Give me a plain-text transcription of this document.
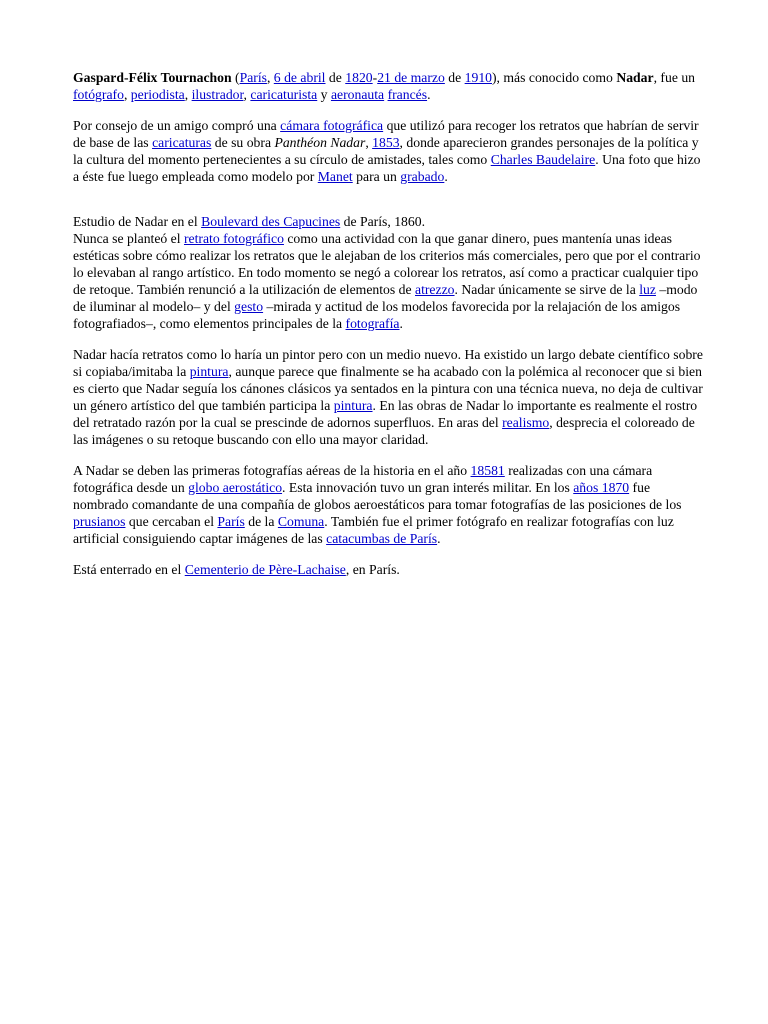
Gaspard-Félix Tournachon (París, 6 de abril de 1820-21 de marzo de 1910), más conocido como Nadar, fue un fotógrafo, periodista, ilustrador, caricaturista y aeronauta francés.

Por consejo de un amigo compró una cámara fotográfica que utilizó para recoger los retratos que habrían de servir de base de las caricaturas de su obra Panthéon Nadar, 1853, donde aparecieron grandes personajes de la política y la cultura del momento pertenecientes a su círculo de amistades, tales como Charles Baudelaire. Una foto que hizo a éste fue luego empleada como modelo por Manet para un grabado.

Estudio de Nadar en el Boulevard des Capucines de París, 1860.
Nunca se planteó el retrato fotográfico como una actividad con la que ganar dinero, pues mantenía unas ideas estéticas sobre cómo realizar los retratos que le alejaban de los criterios más comerciales, pero que por el contrario lo elevaban al rango artístico. En todo momento se negó a colorear los retratos, así como a practicar cualquier tipo de retoque. También renunció a la utilización de elementos de atrezzo. Nadar únicamente se sirve de la luz –modo de iluminar al modelo– y del gesto –mirada y actitud de los modelos favorecida por la relajación de los amigos fotografiados–, como elementos principales de la fotografía.

Nadar hacía retratos como lo haría un pintor pero con un medio nuevo. Ha existido un largo debate científico sobre si copiaba/imitaba la pintura, aunque parece que finalmente se ha acabado con la polémica al reconocer que si bien es cierto que Nadar seguía los cánones clásicos ya sentados en la pintura con una técnica nueva, no deja de cultivar un género artístico del que también participa la pintura. En las obras de Nadar lo importante es realmente el rostro del retratado razón por la cual se prescinde de adornos superfluos. En aras del realismo, desprecia el coloreado de las imágenes o su retoque buscando con ello una mayor claridad.

A Nadar se deben las primeras fotografías aéreas de la historia en el año 18581 realizadas con una cámara fotográfica desde un globo aerostático. Esta innovación tuvo un gran interés militar. En los años 1870 fue nombrado comandante de una compañía de globos aeroestáticos para tomar fotografías de las posiciones de los prusianos que cercaban el París de la Comuna. También fue el primer fotógrafo en realizar fotografías con luz artificial consiguiendo captar imágenes de las catacumbas de París.

Está enterrado en el Cementerio de Père-Lachaise, en París.
